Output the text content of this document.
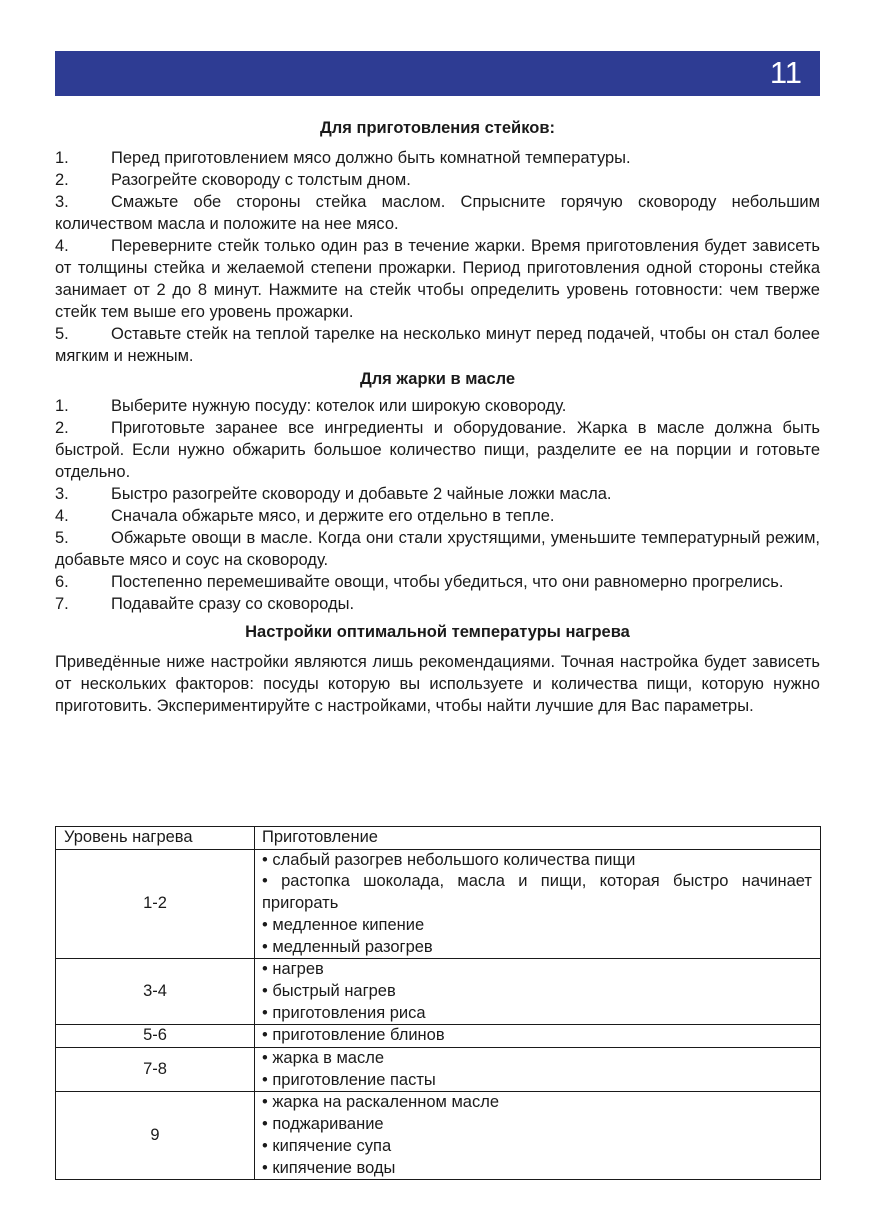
11
Для приготовления стейков:
1.	Перед приготовлением мясо должно быть комнатной температуры.
2.	Разогрейте сковороду с толстым дном.
3.	Смажьте обе стороны стейка маслом. Спрысните горячую сковороду небольшим количеством масла и положите на нее мясо.
4.	Переверните стейк только один раз в течение жарки. Время приготовления будет зависеть от толщины стейка и желаемой степени прожарки. Период приготовления одной стороны стейка занимает от 2 до 8 минут. Нажмите на стейк чтобы определить уровень готовности: чем тверже стейк тем выше его уровень прожарки.
5.	Оставьте стейк на теплой тарелке на несколько минут перед подачей, чтобы он стал более мягким и нежным.
Для жарки в масле
1.	Выберите нужную посуду: котелок или широкую сковороду.
2.	Приготовьте заранее все ингредиенты и оборудование. Жарка в масле должна быть быстрой. Если нужно обжарить большое количество пищи, разделите ее на порции и готовьте отдельно.
3.	Быстро разогрейте сковороду и добавьте 2 чайные ложки масла.
4.	Сначала обжарьте мясо, и держите его отдельно в тепле.
5.	Обжарьте овощи в масле. Когда они стали хрустящими, уменьшите температурный режим, добавьте мясо и соус на сковороду.
6.	Постепенно перемешивайте овощи, чтобы убедиться, что они равномерно прогрелись.
7.	Подавайте сразу со сковороды.
Настройки оптимальной температуры нагрева

Приведённые ниже настройки являются лишь рекомендациями. Точная настройка будет зависеть от нескольких факторов: посуды которую вы используете и количества пищи, которую нужно приготовить. Экспериментируйте с настройками, чтобы найти лучшие для Вас параметры.

Уровень нагрева	Приготовление
1-2	• слабый разогрев небольшого количества пищи
• растопка шоколада, масла и пищи, которая быстро начинает пригорать
• медленное кипение
• медленный разогрев

3-4	• нагрев
• быстрый нагрев
• приготовления риса

5-6	• приготовление блинов

7-8	• жарка в масле
• приготовление пасты

9	• жарка на раскаленном масле
• поджаривание
• кипячение супа
• кипячение воды
